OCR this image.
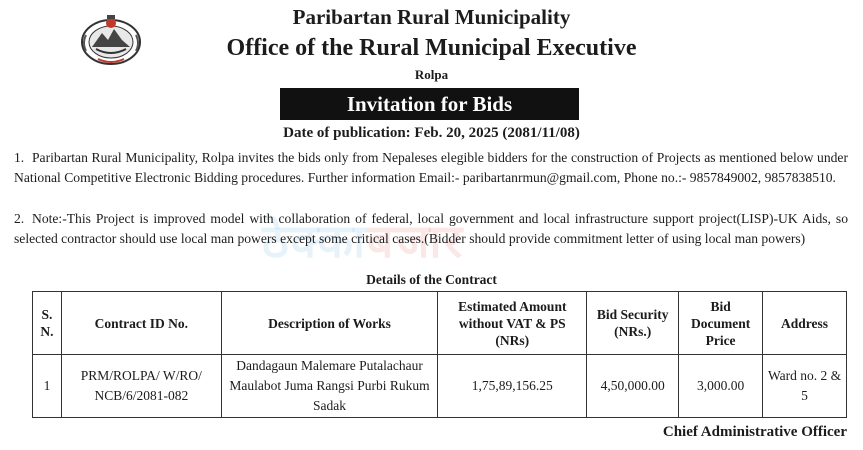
Paribartan Rural Municipality
Office of the Rural Municipal Executive
Rolpa
Invitation for Bids
Date of publication: Feb. 20, 2025 (2081/11/08)
ठेक्काबजार
1. Paribartan Rural Municipality, Rolpa invites the bids only from Nepaleses elegible bidders for the construction of Projects as mentioned below under National Competitive Electronic Bidding procedures. Further information Email:- paribartanrmun@gmail.com, Phone no.:- 9857849002, 9857838510.
2. Note:-This Project is improved model with collaboration of federal, local government and local infrastructure support project(LISP)-UK Aids, so selected contractor should use local man powers except some critical cases.(Bidder should provide commitment letter of using local man powers)
Details of the Contract
S. N.	Contract ID No.	Description of Works	Estimated Amount without VAT & PS (NRs)	Bid Security (NRs.)	Bid Document Price	Address
1	PRM/ROLPA/ W/RO/ NCB/6/2081-082	Dandagaun Malemare Putalachaur Maulabot Juma Rangsi Purbi Rukum Sadak	1,75,89,156.25	4,50,000.00	3,000.00	Ward no. 2 & 5
Chief Administrative Officer
